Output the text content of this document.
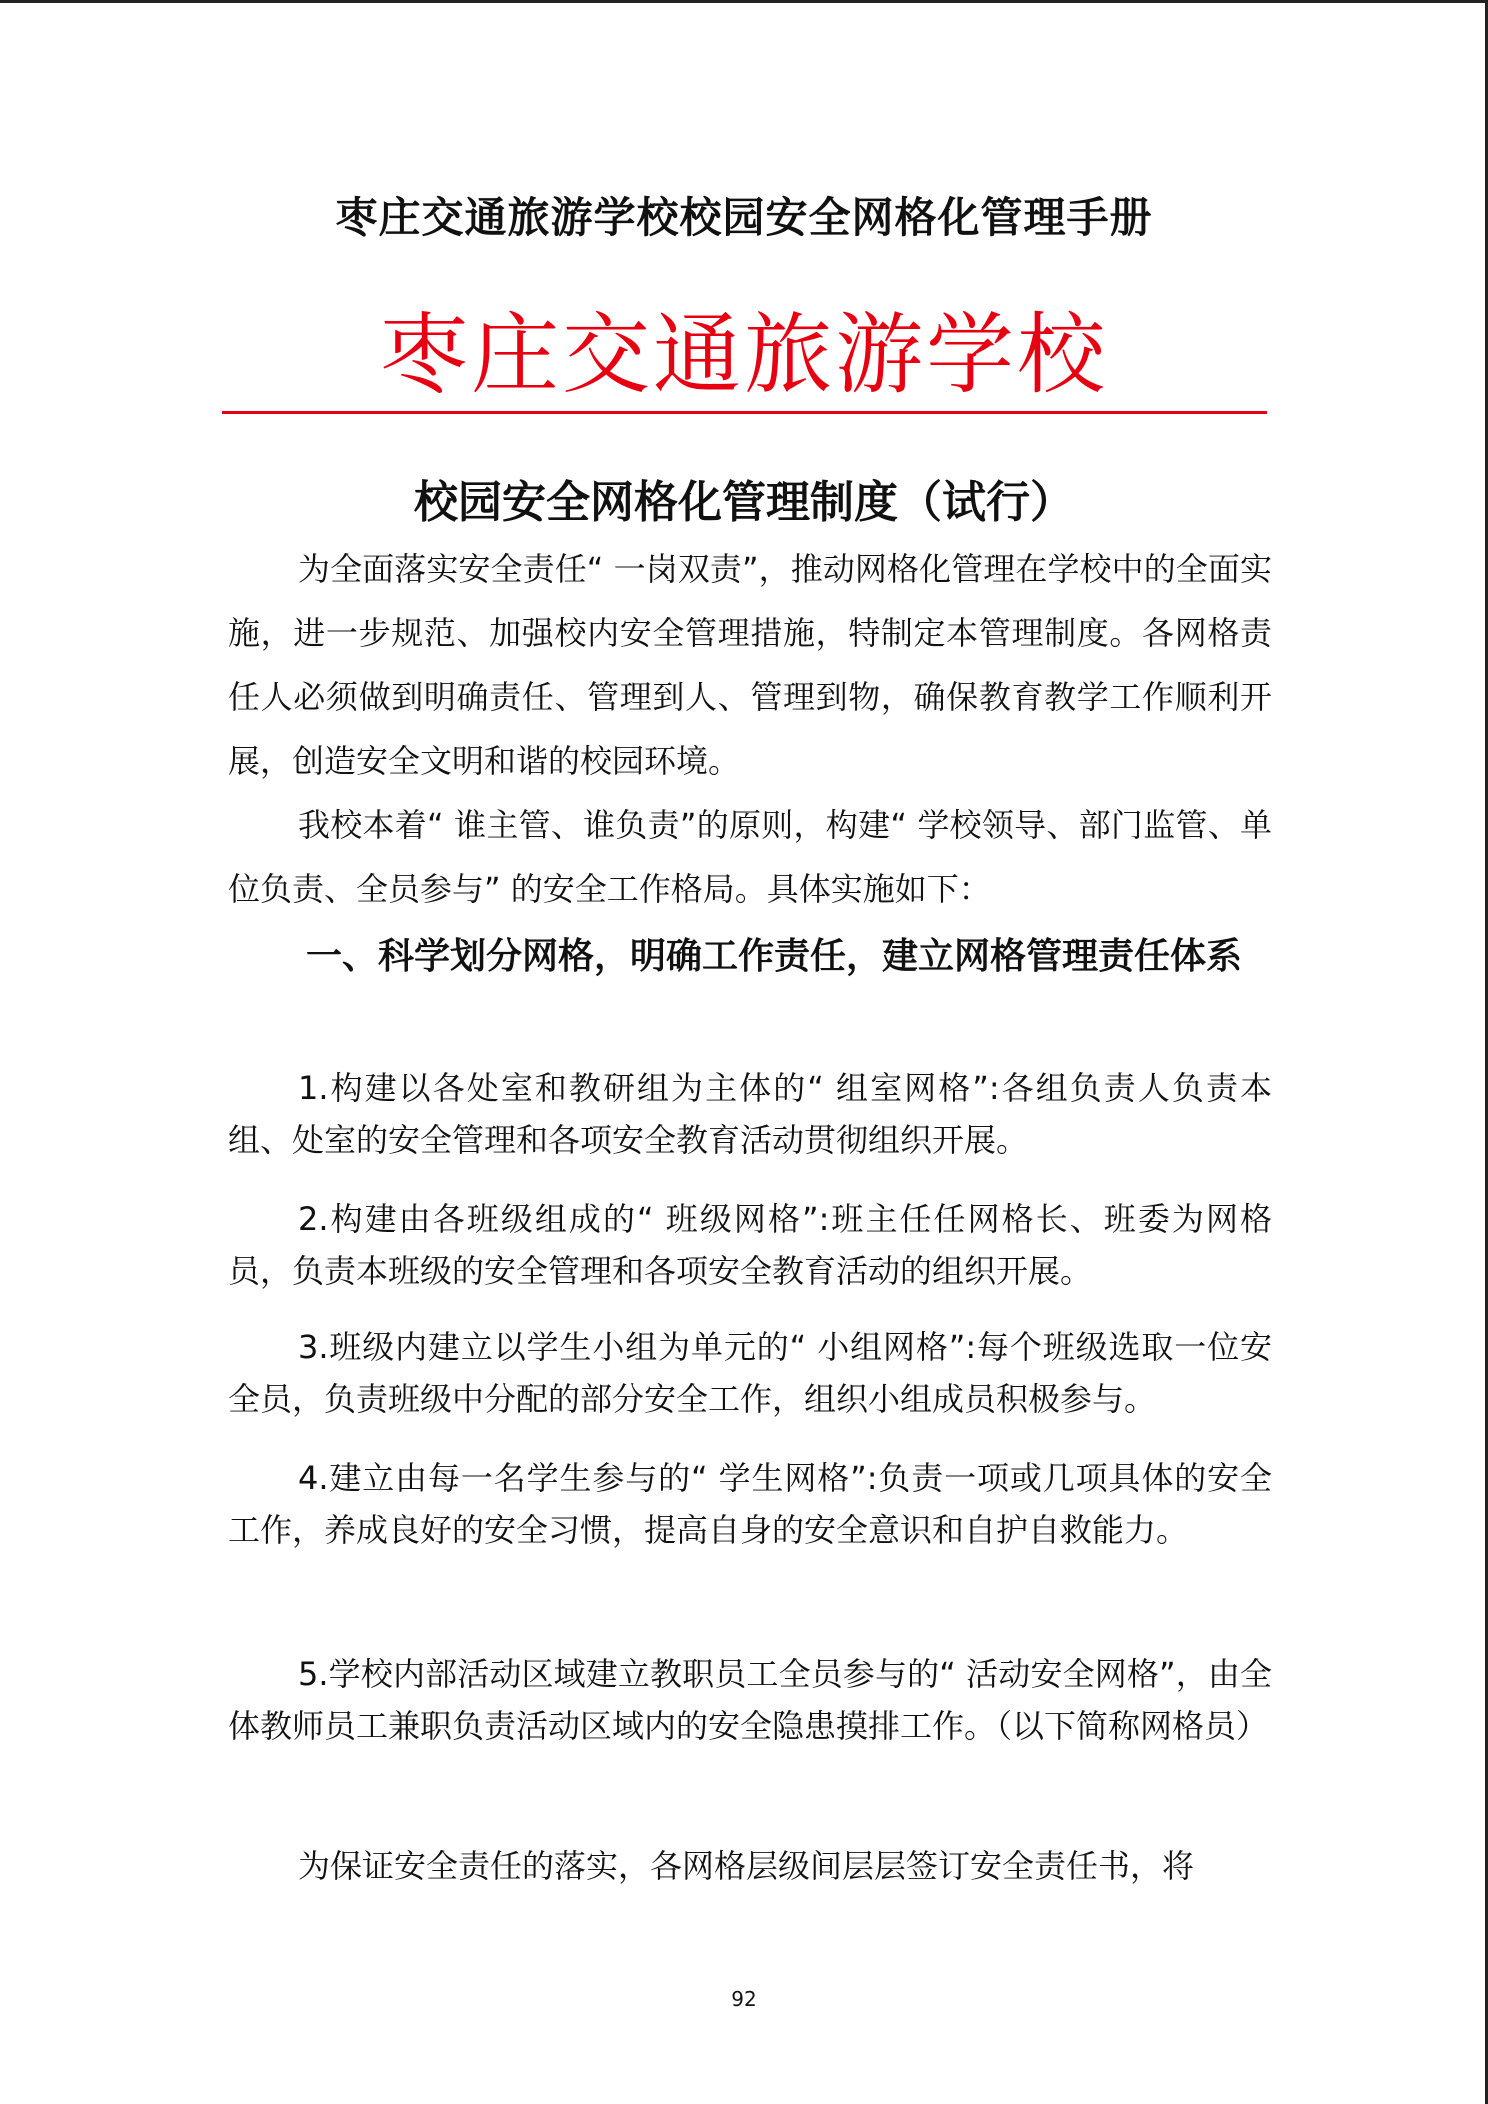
枣庄交通旅游学校校园安全网格化管理手册
枣庄交通旅游学校
校园安全网格化管理制度（试行）

为全面落实安全责任“ 一岗双责”，推动网格化管理在学校中的全面实施，进一步规范、加强校内安全管理措施，特制定本管理制度。各网格责任人必须做到明确责任、管理到人、管理到物，确保教育教学工作顺利开展，创造安全文明和谐的校园环境。

我校本着“ 谁主管、谁负责”的原则，构建“ 学校领导、部门监管、单位负责、全员参与” 的安全工作格局。具体实施如下：

一、科学划分网格，明确工作责任，建立网格管理责任体系

1.构建以各处室和教研组为主体的“ 组室网格”:各组负责人负责本组、处室的安全管理和各项安全教育活动贯彻组织开展。

2.构建由各班级组成的“ 班级网格”:班主任任网格长、班委为网格员，负责本班级的安全管理和各项安全教育活动的组织开展。

3.班级内建立以学生小组为单元的“ 小组网格”:每个班级选取一位安全员，负责班级中分配的部分安全工作，组织小组成员积极参与。

4.建立由每一名学生参与的“ 学生网格”:负责一项或几项具体的安全工作，养成良好的安全习惯，提高自身的安全意识和自护自救能力。

5.学校内部活动区域建立教职员工全员参与的“ 活动安全网格”，由全体教师员工兼职负责活动区域内的安全隐患摸排工作。（以下简称网格员）

为保证安全责任的落实，各网格层级间层层签订安全责任书，将

92
